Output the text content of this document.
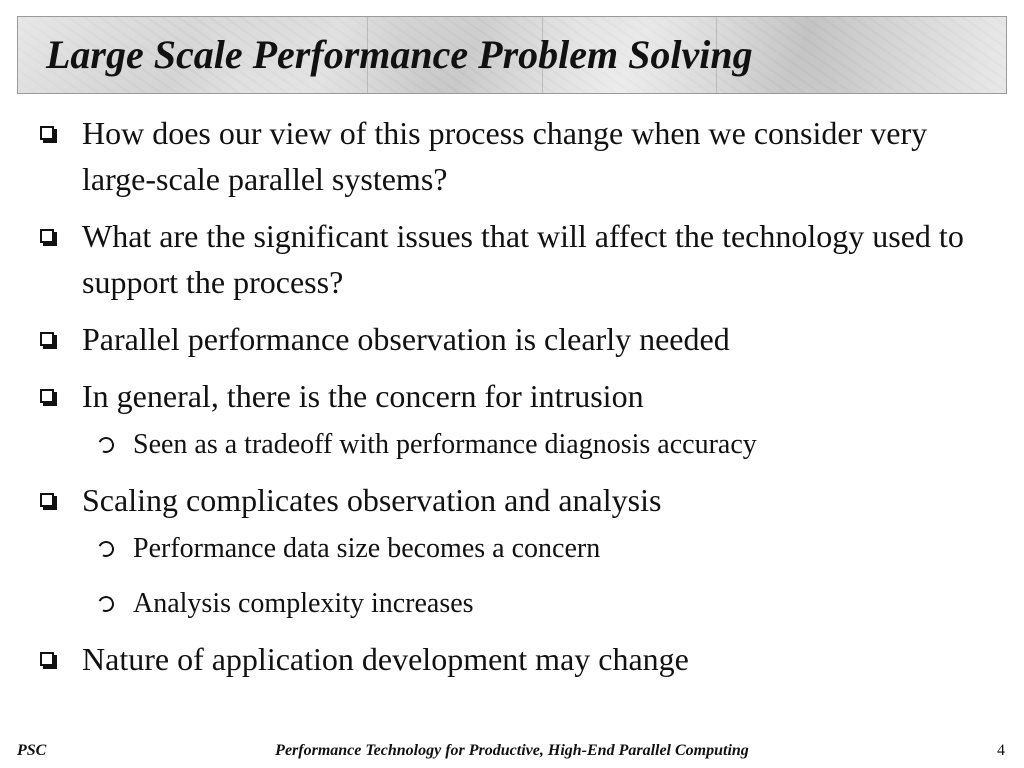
Large Scale Performance Problem Solving
How does our view of this process change when we consider very large-scale parallel systems?
What are the significant issues that will affect the technology used to support the process?
Parallel performance observation is clearly needed
In general, there is the concern for intrusion
Seen as a tradeoff with performance diagnosis accuracy
Scaling complicates observation and analysis
Performance data size becomes a concern
Analysis complexity increases
Nature of application development may change
Performance Technology for Productive, High-End Parallel Computing
PSC	4
